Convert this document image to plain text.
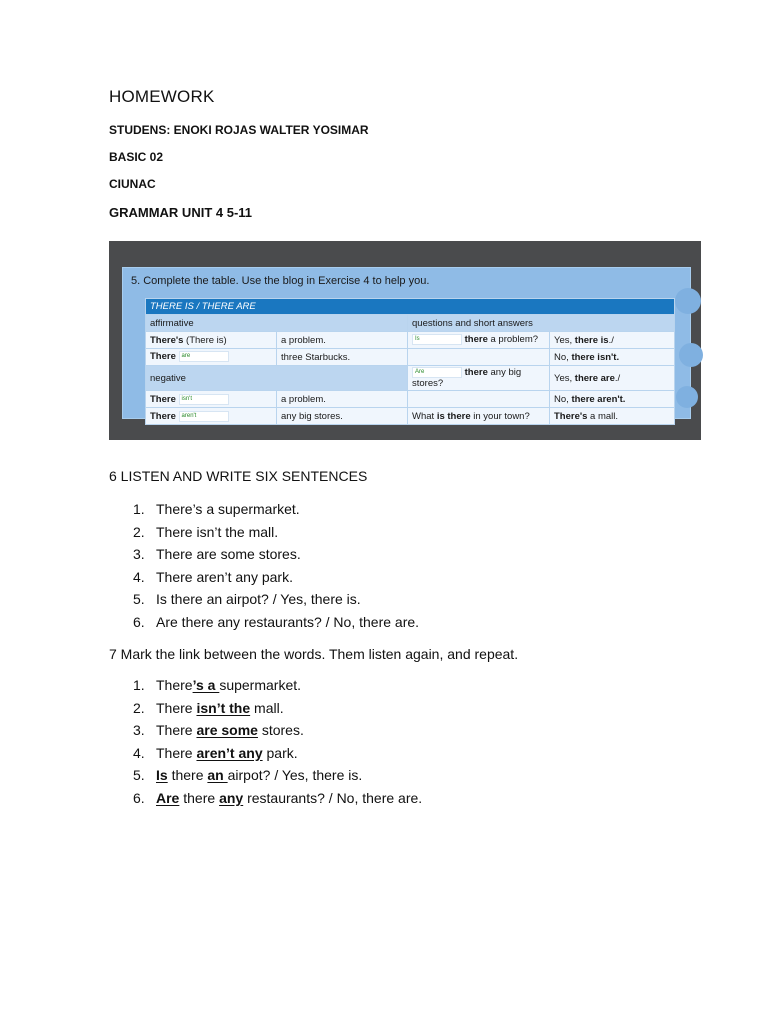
HOMEWORK
STUDENS: ENOKI ROJAS WALTER YOSIMAR
BASIC 02
CIUNAC
GRAMMAR UNIT 4 5-11
5. Complete the table. Use the blog in Exercise 4 to help you.
THERE IS / THERE ARE			
affirmative		questions and short answers	
There's (There is)	a problem.	Is there a problem?	Yes, there is./
There are	three Starbucks.		No, there isn't.
negative		Are there any big stores?	Yes, there are./
There isn't	a problem.		No, there aren't.
There aren't	any big stores.	What is there in your town?	There's a mall.
6 LISTEN AND WRITE SIX SENTENCES
1. There’s a supermarket.
2. There isn’t the mall.
3. There are some stores.
4. There aren’t any park.
5. Is there an airpot? / Yes, there is.
6. Are there any restaurants? / No, there are.
7 Mark the link between the words. Them listen again, and repeat.
1. There’s a supermarket.
2. There isn’t the mall.
3. There are some stores.
4. There aren’t any park.
5. Is there an airpot? / Yes, there is.
6. Are there any restaurants? / No, there are.
